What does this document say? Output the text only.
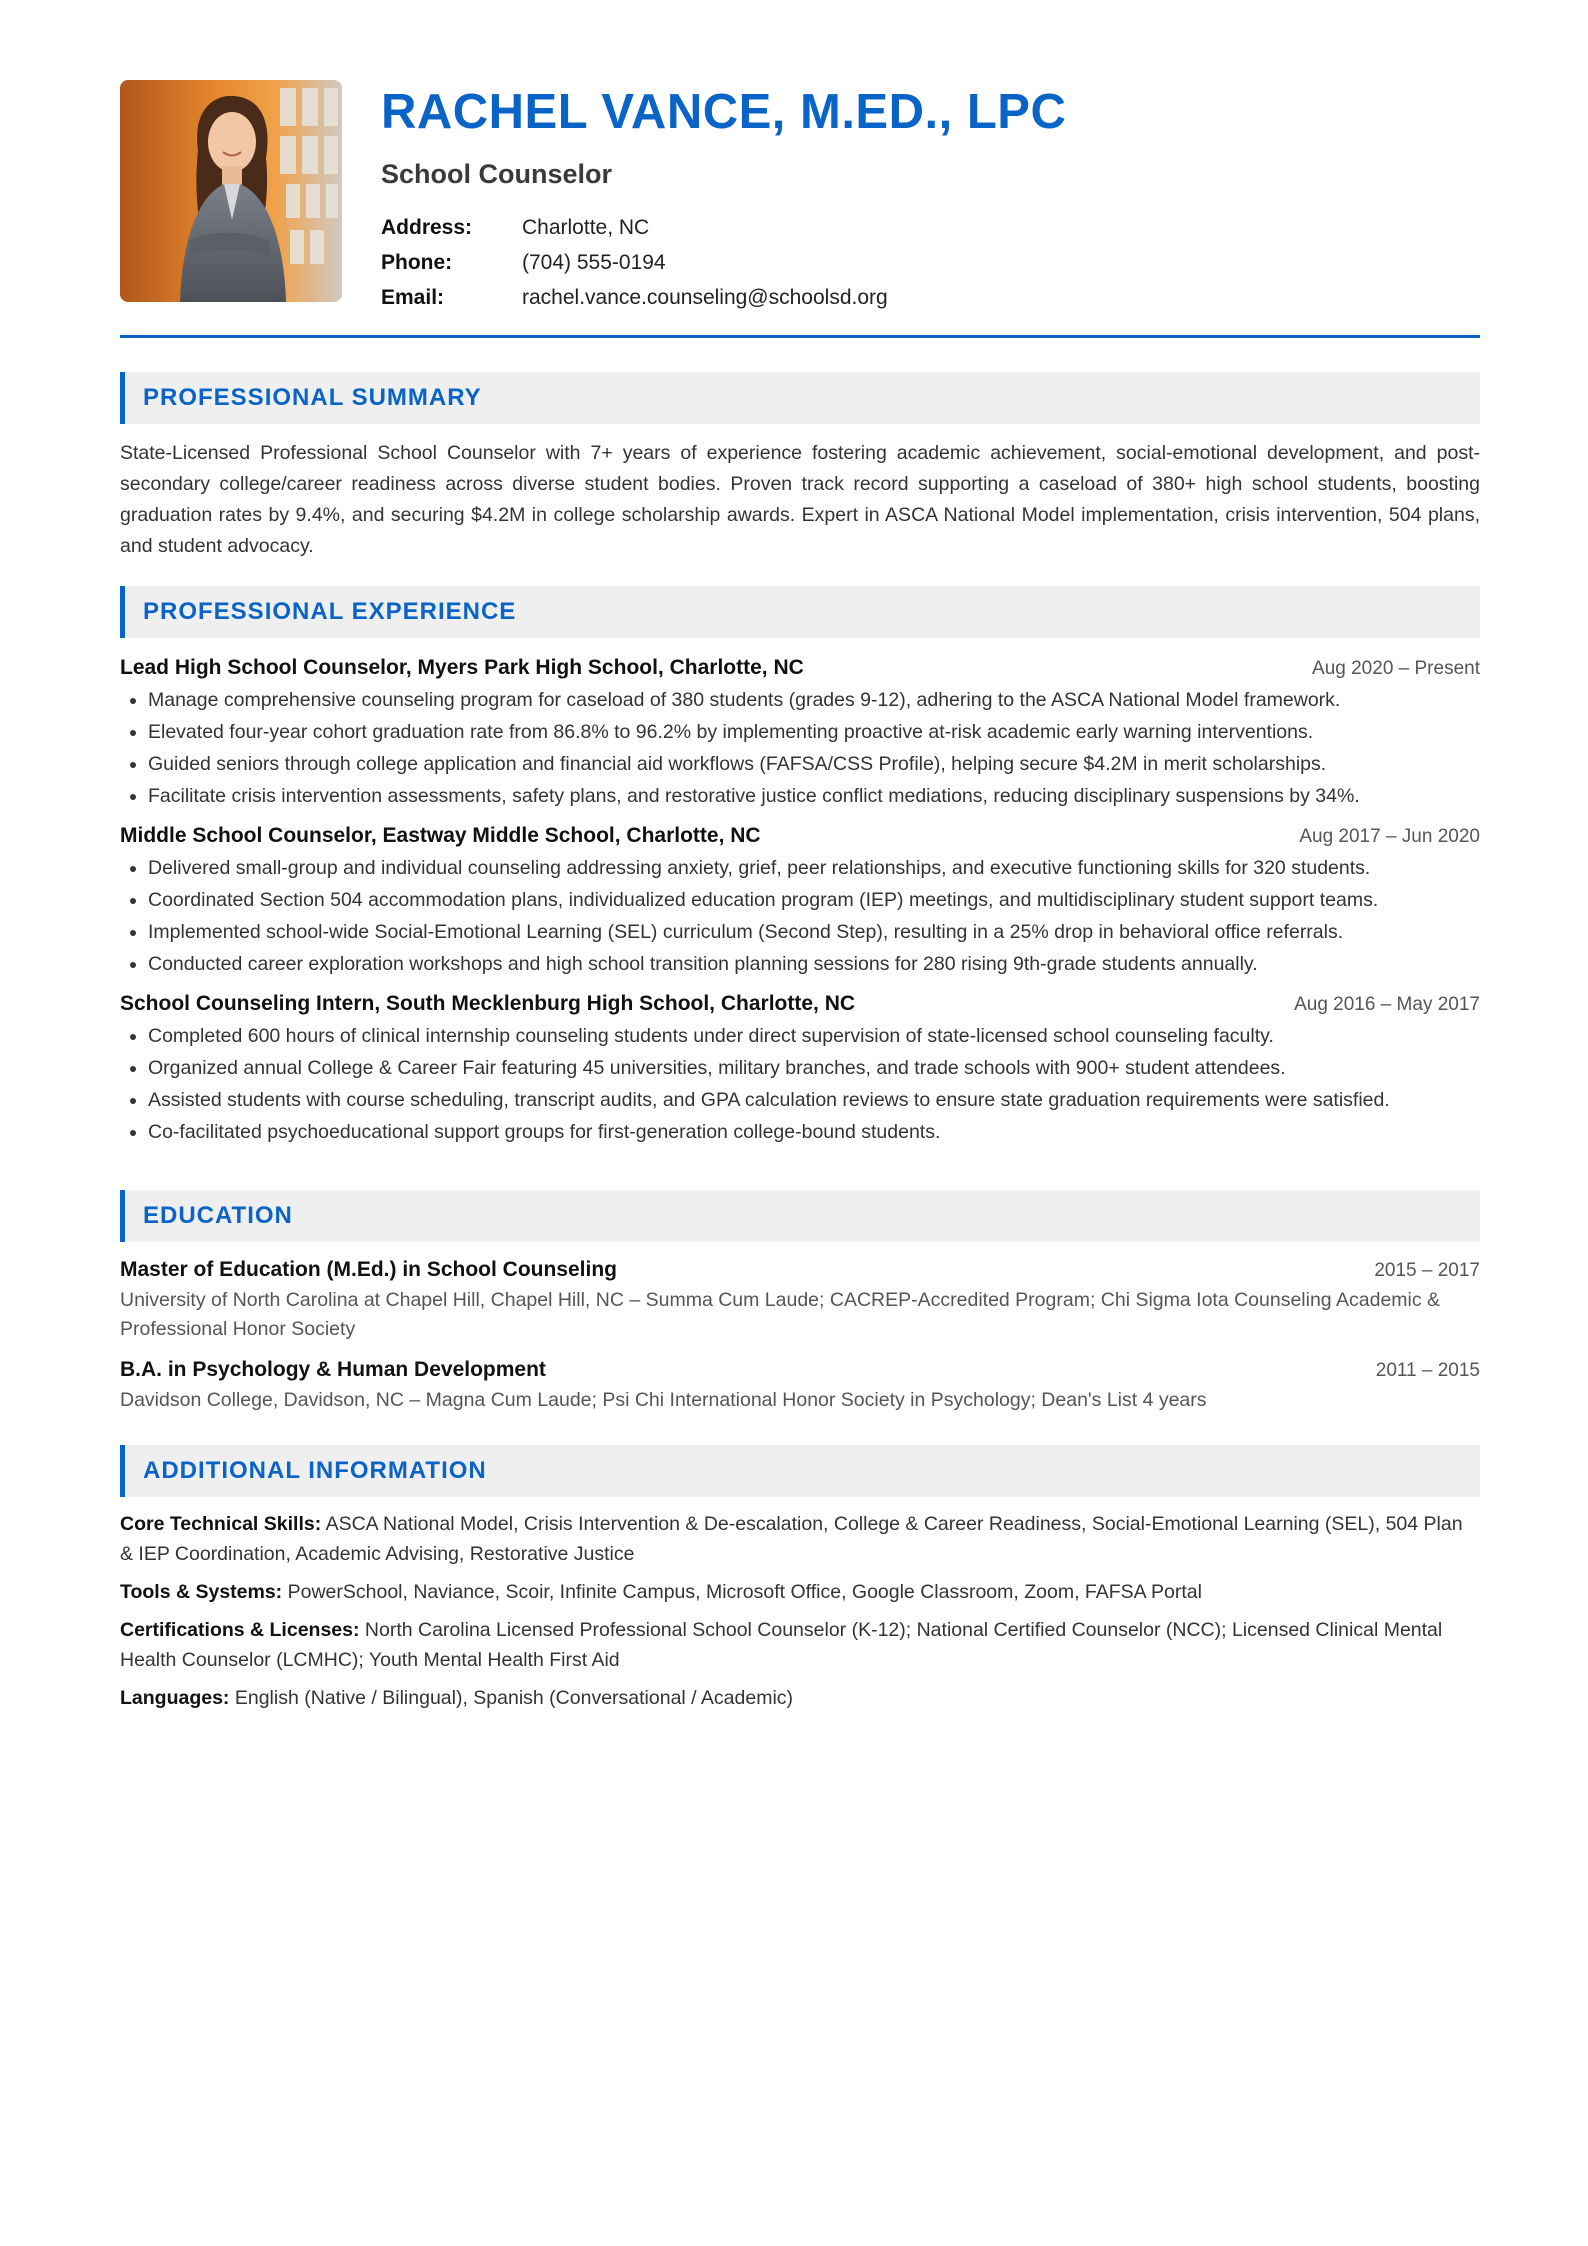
RACHEL VANCE, M.ED., LPC
School Counselor
Address:	Charlotte, NC
Phone:	(704) 555-0194
Email:	rachel.vance.counseling@schoolsd.org
PROFESSIONAL SUMMARY
State-Licensed Professional School Counselor with 7+ years of experience fostering academic achievement, social-emotional development, and post-secondary college/career readiness across diverse student bodies. Proven track record supporting a caseload of 380+ high school students, boosting graduation rates by 9.4%, and securing $4.2M in college scholarship awards. Expert in ASCA National Model implementation, crisis intervention, 504 plans, and student advocacy.
PROFESSIONAL EXPERIENCE
Lead High School Counselor, Myers Park High School, Charlotte, NC	Aug 2020 – Present
• Manage comprehensive counseling program for caseload of 380 students (grades 9-12), adhering to the ASCA National Model framework.
• Elevated four-year cohort graduation rate from 86.8% to 96.2% by implementing proactive at-risk academic early warning interventions.
• Guided seniors through college application and financial aid workflows (FAFSA/CSS Profile), helping secure $4.2M in merit scholarships.
• Facilitate crisis intervention assessments, safety plans, and restorative justice conflict mediations, reducing disciplinary suspensions by 34%.
Middle School Counselor, Eastway Middle School, Charlotte, NC	Aug 2017 – Jun 2020
• Delivered small-group and individual counseling addressing anxiety, grief, peer relationships, and executive functioning skills for 320 students.
• Coordinated Section 504 accommodation plans, individualized education program (IEP) meetings, and multidisciplinary student support teams.
• Implemented school-wide Social-Emotional Learning (SEL) curriculum (Second Step), resulting in a 25% drop in behavioral office referrals.
• Conducted career exploration workshops and high school transition planning sessions for 280 rising 9th-grade students annually.
School Counseling Intern, South Mecklenburg High School, Charlotte, NC	Aug 2016 – May 2017
• Completed 600 hours of clinical internship counseling students under direct supervision of state-licensed school counseling faculty.
• Organized annual College & Career Fair featuring 45 universities, military branches, and trade schools with 900+ student attendees.
• Assisted students with course scheduling, transcript audits, and GPA calculation reviews to ensure state graduation requirements were satisfied.
• Co-facilitated psychoeducational support groups for first-generation college-bound students.
EDUCATION
Master of Education (M.Ed.) in School Counseling	2015 – 2017
University of North Carolina at Chapel Hill, Chapel Hill, NC – Summa Cum Laude; CACREP-Accredited Program; Chi Sigma Iota Counseling Academic & Professional Honor Society
B.A. in Psychology & Human Development	2011 – 2015
Davidson College, Davidson, NC – Magna Cum Laude; Psi Chi International Honor Society in Psychology; Dean's List 4 years
ADDITIONAL INFORMATION
Core Technical Skills: ASCA National Model, Crisis Intervention & De-escalation, College & Career Readiness, Social-Emotional Learning (SEL), 504 Plan & IEP Coordination, Academic Advising, Restorative Justice
Tools & Systems: PowerSchool, Naviance, Scoir, Infinite Campus, Microsoft Office, Google Classroom, Zoom, FAFSA Portal
Certifications & Licenses: North Carolina Licensed Professional School Counselor (K-12); National Certified Counselor (NCC); Licensed Clinical Mental Health Counselor (LCMHC); Youth Mental Health First Aid
Languages: English (Native / Bilingual), Spanish (Conversational / Academic)
